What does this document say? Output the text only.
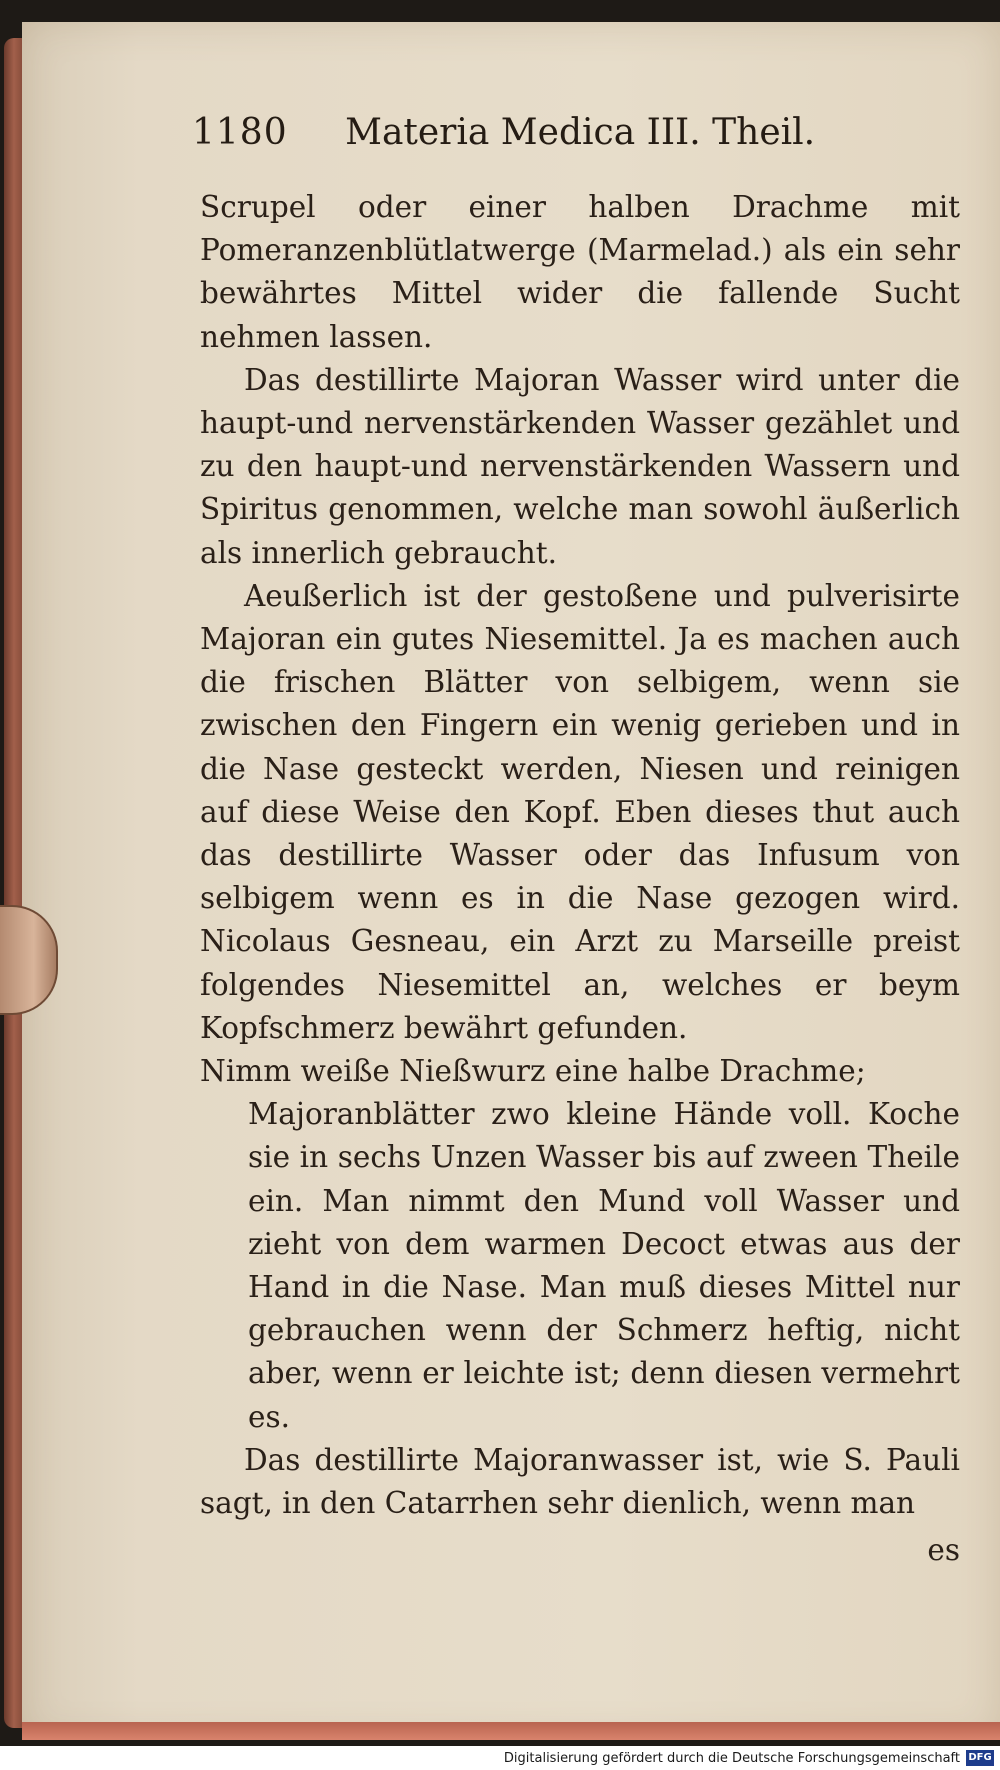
1180 Materia Medica III. Theil.

Scrupel oder einer halben Drachme mit Pomeranzenblütlatwerge (Marmelad.) als ein sehr bewährtes Mittel wider die fallende Sucht nehmen lassen.

Das destillirte Majoran Wasser wird unter die haupt-und nervenstärkenden Wasser gezählet und zu den haupt-und nervenstärkenden Wassern und Spiritus genommen, welche man sowohl äußerlich als innerlich gebraucht.

Aeußerlich ist der gestoßene und pulverisirte Majoran ein gutes Niesemittel. Ja es machen auch die frischen Blätter von selbigem, wenn sie zwischen den Fingern ein wenig gerieben und in die Nase gesteckt werden, Niesen und reinigen auf diese Weise den Kopf. Eben dieses thut auch das destillirte Wasser oder das Infusum von selbigem wenn es in die Nase gezogen wird. Nicolaus Gesneau, ein Arzt zu Marseille preist folgendes Niesemittel an, welches er beym Kopfschmerz bewährt gefunden.

Nimm weiße Nießwurz eine halbe Drachme;

Majoranblätter zwo kleine Hände voll. Koche sie in sechs Unzen Wasser bis auf zween Theile ein. Man nimmt den Mund voll Wasser und zieht von dem warmen Decoct etwas aus der Hand in die Nase. Man muß dieses Mittel nur gebrauchen wenn der Schmerz heftig, nicht aber, wenn er leichte ist; denn diesen vermehrt es.

Das destillirte Majoranwasser ist, wie S. Pauli sagt, in den Catarrhen sehr dienlich, wenn man

es
Digitalisierung gefördert durch die Deutsche Forschungsgemeinschaft DFG
